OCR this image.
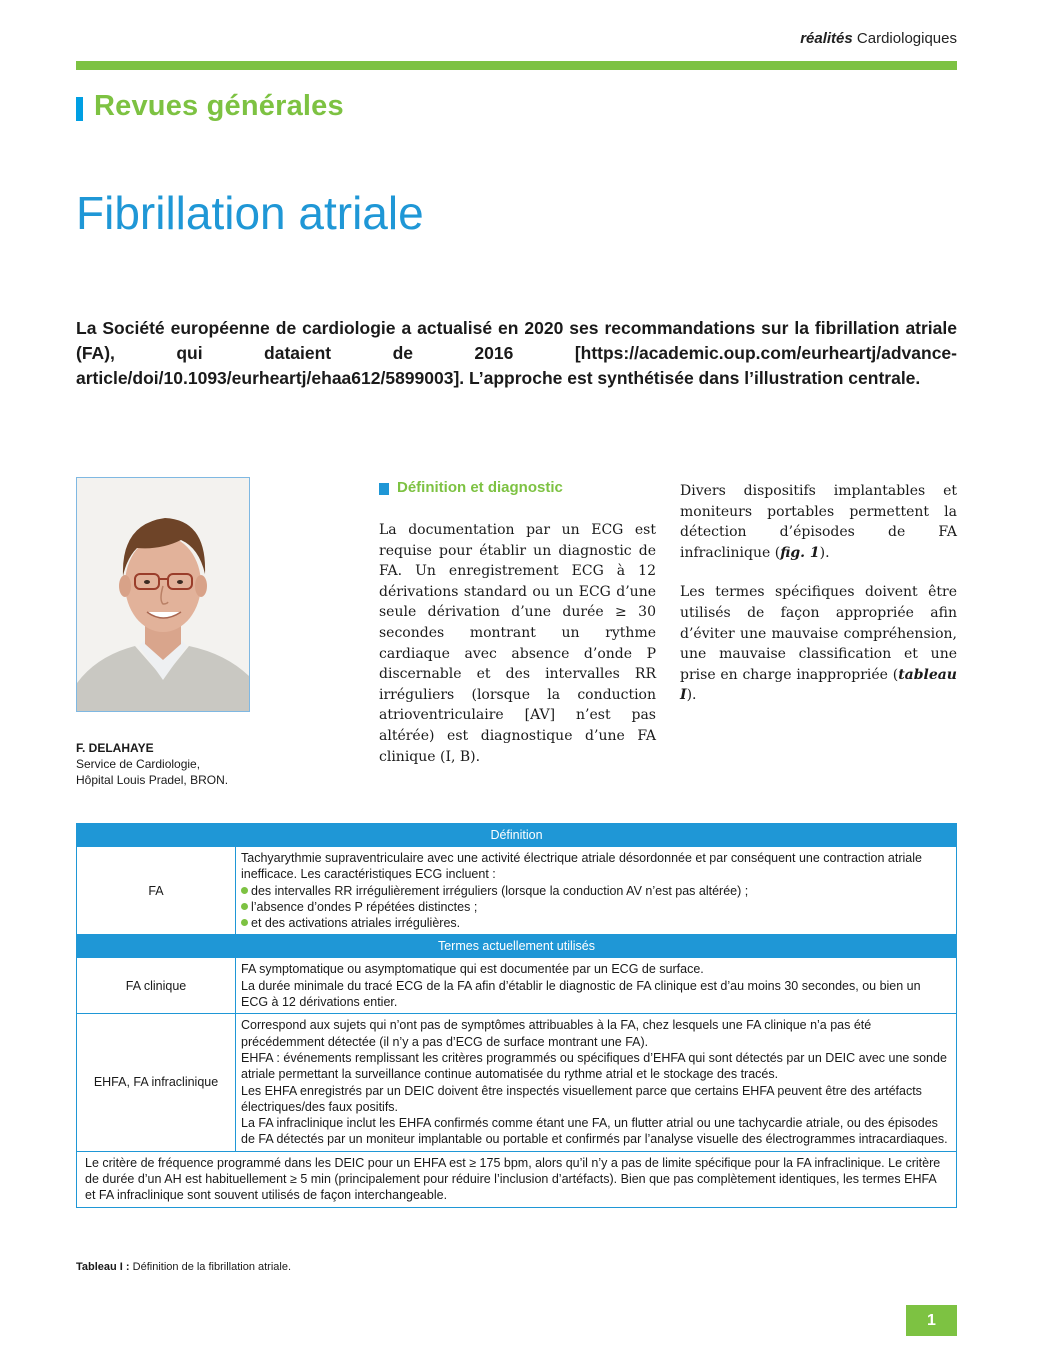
réalités Cardiologiques
Revues générales
Fibrillation atriale
La Société européenne de cardiologie a actualisé en 2020 ses recommandations sur la fibrillation atriale (FA), qui dataient de 2016 [https://academic.oup.com/eurheartj/advance-article/doi/10.1093/eurheartj/ehaa612/5899003]. L’approche est synthétisée dans l’illustration centrale.
F. DELAHAYE
Service de Cardiologie,
Hôpital Louis Pradel, BRON.
Définition et diagnostic
La documentation par un ECG est requise pour établir un diagnostic de FA. Un enregistrement ECG à 12 dérivations standard ou un ECG d’une seule dérivation d’une durée ≥ 30 secondes montrant un rythme cardiaque avec absence d’onde P discernable et des intervalles RR irréguliers (lorsque la conduction atrioventriculaire [AV] n’est pas altérée) est diagnostique d’une FA clinique (I, B).

Divers dispositifs implantables et moniteurs portables permettent la détection d’épisodes de FA infraclinique (fig. 1).

Les termes spécifiques doivent être utilisés de façon appropriée afin d’éviter une mauvaise compréhension, une mauvaise classification et une prise en charge inappropriée (tableau I).

Définition	
FA	Tachyarythmie supraventriculaire avec une activité électrique atriale désordonnée et par conséquent une contraction atriale inefficace. Les caractéristiques ECG incluent :
des intervalles RR irrégulièrement irréguliers (lorsque la conduction AV n’est pas altérée) ;
l’absence d’ondes P répétées distinctes ;
et des activations atriales irrégulières.

Termes actuellement utilisés	
FA clinique	FA symptomatique ou asymptomatique qui est documentée par un ECG de surface.
La durée minimale du tracé ECG de la FA afin d’établir le diagnostic de FA clinique est d’au moins 30 secondes, ou bien un ECG à 12 dérivations entier.

EHFA, FA infraclinique	Correspond aux sujets qui n’ont pas de symptômes attribuables à la FA, chez lesquels une FA clinique n’a pas été précédemment détectée (il n’y a pas d’ECG de surface montrant une FA).
EHFA : événements remplissant les critères programmés ou spécifiques d’EHFA qui sont détectés par un DEIC avec une sonde atriale permettant la surveillance continue automatisée du rythme atrial et le stockage des tracés.
Les EHFA enregistrés par un DEIC doivent être inspectés visuellement parce que certains EHFA peuvent être des artéfacts électriques/des faux positifs.
La FA infraclinique inclut les EHFA confirmés comme étant une FA, un flutter atrial ou une tachycardie atriale, ou des épisodes de FA détectés par un moniteur implantable ou portable et confirmés par l’analyse visuelle des électrogrammes intracardiaques.

Le critère de fréquence programmé dans les DEIC pour un EHFA est ≥ 175 bpm, alors qu’il n’y a pas de limite spécifique pour la FA infraclinique. Le critère de durée d’un AH est habituellement ≥ 5 min (principalement pour réduire l’inclusion d’artéfacts). Bien que pas complètement identiques, les termes EHFA et FA infraclinique sont souvent utilisés de façon interchangeable.	
Tableau I : Définition de la fibrillation atriale.
1
